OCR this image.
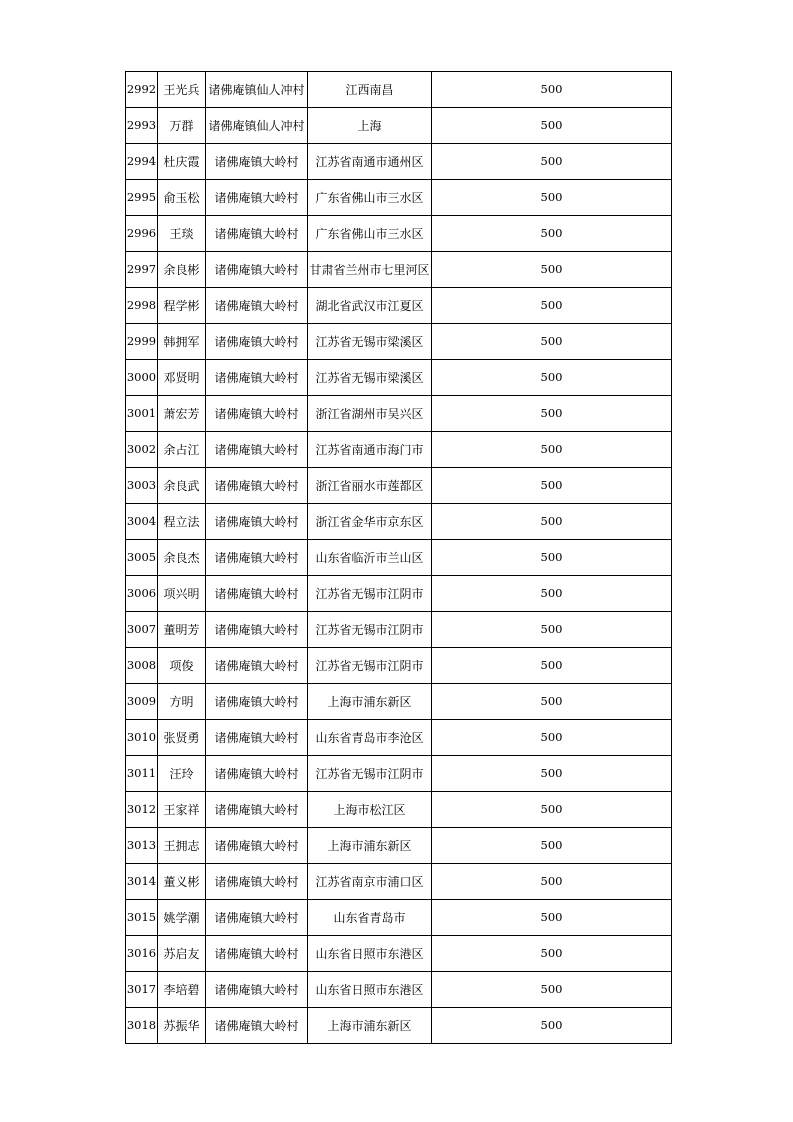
2992	王光兵	诸佛庵镇仙人冲村	江西南昌	500
2993	万群	诸佛庵镇仙人冲村	上海	500
2994	杜庆霞	诸佛庵镇大岭村	江苏省南通市通州区	500
2995	俞玉松	诸佛庵镇大岭村	广东省佛山市三水区	500
2996	王琰	诸佛庵镇大岭村	广东省佛山市三水区	500
2997	余良彬	诸佛庵镇大岭村	甘肃省兰州市七里河区	500
2998	程学彬	诸佛庵镇大岭村	湖北省武汉市江夏区	500
2999	韩拥军	诸佛庵镇大岭村	江苏省无锡市梁溪区	500
3000	邓贤明	诸佛庵镇大岭村	江苏省无锡市梁溪区	500
3001	萧宏芳	诸佛庵镇大岭村	浙江省湖州市吴兴区	500
3002	余占江	诸佛庵镇大岭村	江苏省南通市海门市	500
3003	余良武	诸佛庵镇大岭村	浙江省丽水市莲都区	500
3004	程立法	诸佛庵镇大岭村	浙江省金华市京东区	500
3005	余良杰	诸佛庵镇大岭村	山东省临沂市兰山区	500
3006	项兴明	诸佛庵镇大岭村	江苏省无锡市江阴市	500
3007	董明芳	诸佛庵镇大岭村	江苏省无锡市江阴市	500
3008	项俊	诸佛庵镇大岭村	江苏省无锡市江阴市	500
3009	方明	诸佛庵镇大岭村	上海市浦东新区	500
3010	张贤勇	诸佛庵镇大岭村	山东省青岛市李沧区	500
3011	汪玲	诸佛庵镇大岭村	江苏省无锡市江阴市	500
3012	王家祥	诸佛庵镇大岭村	上海市松江区	500
3013	王拥志	诸佛庵镇大岭村	上海市浦东新区	500
3014	董义彬	诸佛庵镇大岭村	江苏省南京市浦口区	500
3015	姚学潮	诸佛庵镇大岭村	山东省青岛市	500
3016	苏启友	诸佛庵镇大岭村	山东省日照市东港区	500
3017	李培碧	诸佛庵镇大岭村	山东省日照市东港区	500
3018	苏振华	诸佛庵镇大岭村	上海市浦东新区	500
